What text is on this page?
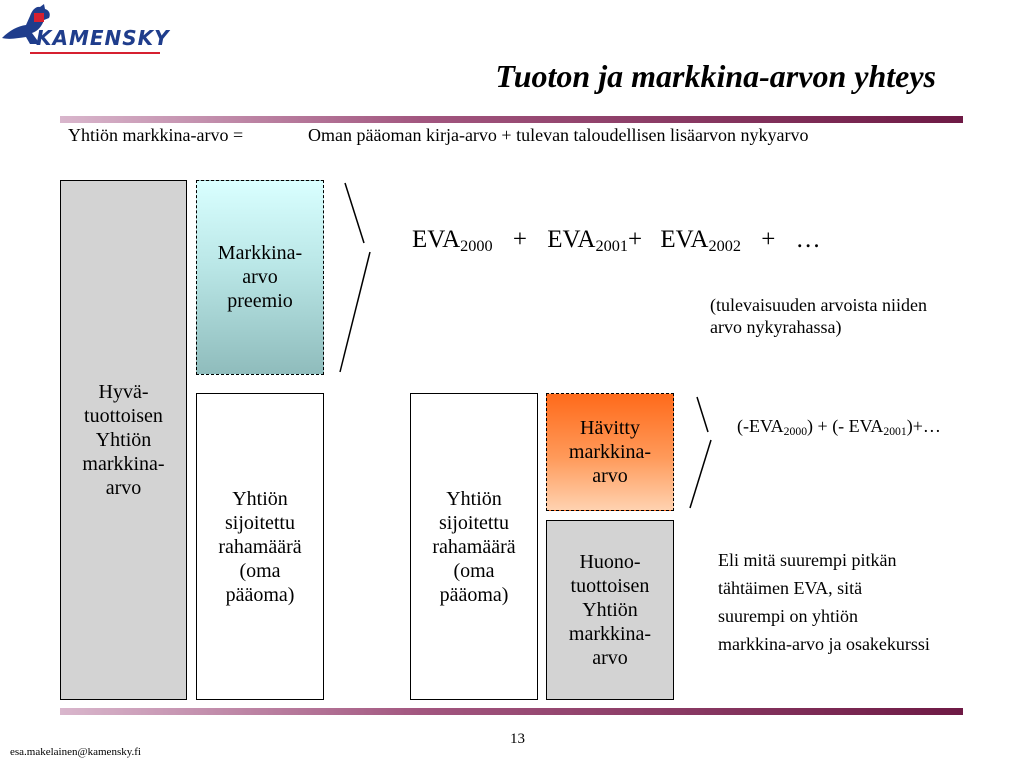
KAMENSKY
Tuoton ja markkina-arvon yhteys
Yhtiön markkina-arvo =	Oman pääoman kirja-arvo + tulevan taloudellisen lisäarvon nykyarvo
Hyvä-
tuottoisen
Yhtiön
markkina-
arvo
Markkina-
arvo
preemio
Yhtiön
sijoitettu
rahamäärä
(oma
pääoma)
Yhtiön
sijoitettu
rahamäärä
(oma
pääoma)
Hävitty
markkina-
arvo
Huono-
tuottoisen
Yhtiön
markkina-
arvo
$EVA_{2000} + EVA_{2001}+ EVA_{2002}$ + …
(tulevaisuuden arvoista niiden
arvo nykyrahassa)
$(-EVA_{2000})$ + (- $EVA_{2001})+\dots$
Eli mitä suurempi pitkän
tähtäimen EVA, sitä
suurempi on yhtiön
markkina-arvo ja osakekurssi
13
esa.makelainen@kamensky.fi
